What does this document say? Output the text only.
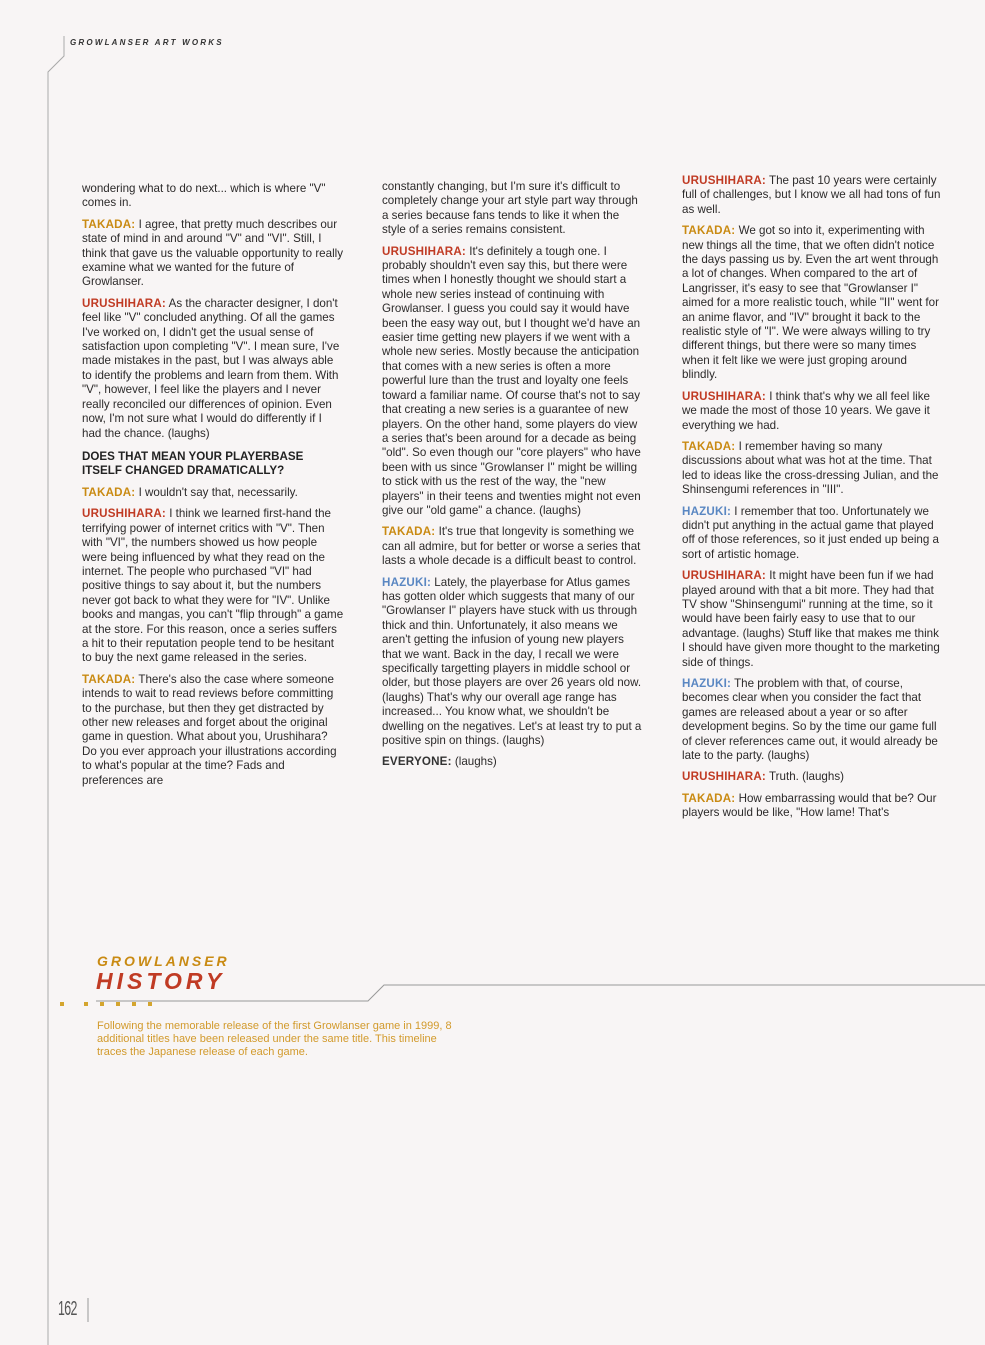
GROWLANSER ART WORKS

wondering what to do next... which is where "V" comes in.

TAKADA: I agree, that pretty much describes our state of mind in and around "V" and "VI". Still, I think that gave us the valuable opportunity to really examine what we wanted for the future of Growlanser.

URUSHIHARA: As the character designer, I don't feel like "V" concluded anything. Of all the games I've worked on, I didn't get the usual sense of satisfaction upon completing "V". I mean sure, I've made mistakes in the past, but I was always able to identify the problems and learn from them. With "V", however, I feel like the players and I never really reconciled our differences of opinion. Even now, I'm not sure what I would do differently if I had the chance. (laughs)

DOES THAT MEAN YOUR PLAYERBASE ITSELF CHANGED DRAMATICALLY?

TAKADA: I wouldn't say that, necessarily.

URUSHIHARA: I think we learned first-hand the terrifying power of internet critics with "V". Then with "VI", the numbers showed us how people were being influenced by what they read on the internet. The people who purchased "VI" had positive things to say about it, but the numbers never got back to what they were for "IV". Unlike books and mangas, you can't "flip through" a game at the store. For this reason, once a series suffers a hit to their reputation people tend to be hesitant to buy the next game released in the series.

TAKADA: There's also the case where someone intends to wait to read reviews before committing to the purchase, but then they get distracted by other new releases and forget about the original game in question. What about you, Urushihara? Do you ever approach your illustrations according to what's popular at the time? Fads and preferences are

constantly changing, but I'm sure it's difficult to completely change your art style part way through a series because fans tends to like it when the style of a series remains consistent.

URUSHIHARA: It's definitely a tough one. I probably shouldn't even say this, but there were times when I honestly thought we should start a whole new series instead of continuing with Growlanser. I guess you could say it would have been the easy way out, but I thought we'd have an easier time getting new players if we went with a whole new series. Mostly because the anticipation that comes with a new series is often a more powerful lure than the trust and loyalty one feels toward a familiar name. Of course that's not to say that creating a new series is a guarantee of new players. On the other hand, some players do view a series that's been around for a decade as being "old". So even though our "core players" who have been with us since "Growlanser I" might be willing to stick with us the rest of the way, the "new players" in their teens and twenties might not even give our "old game" a chance. (laughs)

TAKADA: It's true that longevity is something we can all admire, but for better or worse a series that lasts a whole decade is a difficult beast to control.

HAZUKI: Lately, the playerbase for Atlus games has gotten older which suggests that many of our "Growlanser I" players have stuck with us through thick and thin. Unfortunately, it also means we aren't getting the infusion of young new players that we want. Back in the day, I recall we were specifically targetting players in middle school or older, but those players are over 26 years old now. (laughs) That's why our overall age range has increased... You know what, we shouldn't be dwelling on the negatives. Let's at least try to put a positive spin on things. (laughs)

EVERYONE: (laughs)

URUSHIHARA: The past 10 years were certainly full of challenges, but I know we all had tons of fun as well.

TAKADA: We got so into it, experimenting with new things all the time, that we often didn't notice the days passing us by. Even the art went through a lot of changes. When compared to the art of Langrisser, it's easy to see that "Growlanser I" aimed for a more realistic touch, while "II" went for an anime flavor, and "IV" brought it back to the realistic style of "I". We were always willing to try different things, but there were so many times when it felt like we were just groping around blindly.

URUSHIHARA: I think that's why we all feel like we made the most of those 10 years. We gave it everything we had.

TAKADA: I remember having so many discussions about what was hot at the time. That led to ideas like the cross-dressing Julian, and the Shinsengumi references in "III".

HAZUKI: I remember that too. Unfortunately we didn't put anything in the actual game that played off of those references, so it just ended up being a sort of artistic homage.

URUSHIHARA: It might have been fun if we had played around with that a bit more. They had that TV show "Shinsengumi" running at the time, so it would have been fairly easy to use that to our advantage. (laughs) Stuff like that makes me think I should have given more thought to the marketing side of things.

HAZUKI: The problem with that, of course, becomes clear when you consider the fact that games are released about a year or so after development begins. So by the time our game full of clever references came out, it would already be late to the party. (laughs)

URUSHIHARA: Truth. (laughs)

TAKADA: How embarrassing would that be? Our players would be like, "How lame! That's

GROWLANSER
HISTORY
Following the memorable release of the first Growlanser game in 1999, 8 additional titles have been released under the same title. This timeline traces the Japanese release of each game.
162
